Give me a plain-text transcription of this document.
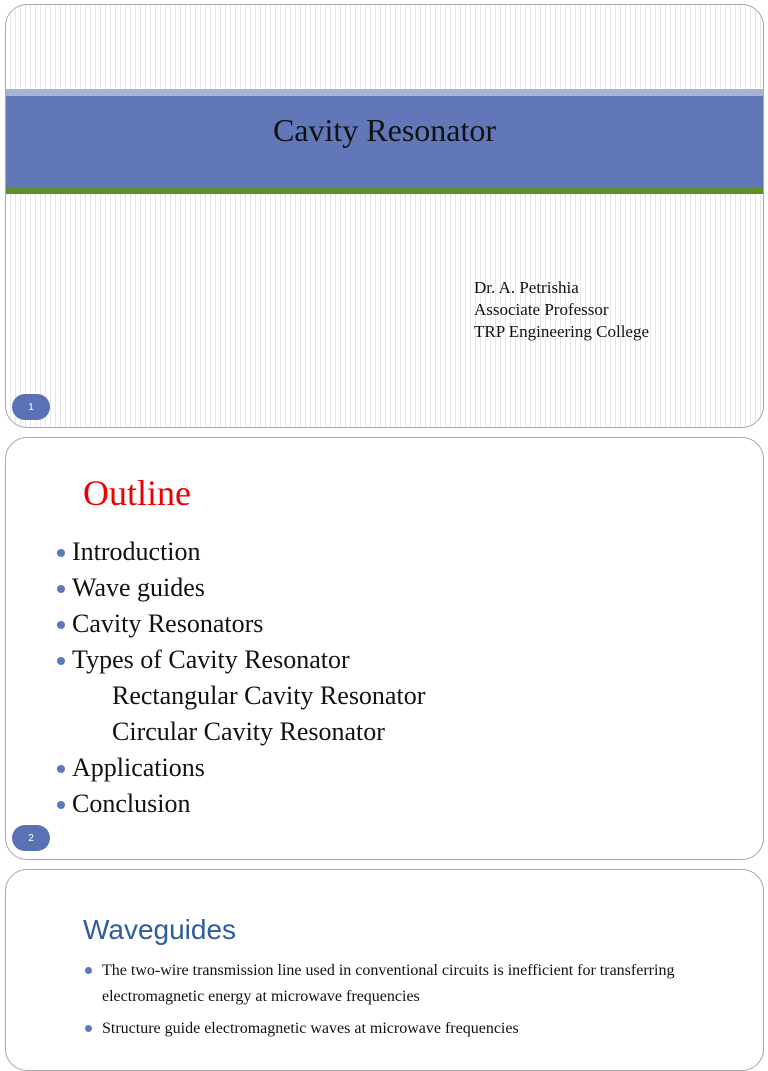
Cavity Resonator
Dr. A. Petrishia
Associate Professor
TRP Engineering College
1
Outline
Introduction
Wave guides
Cavity Resonators
Types of Cavity Resonator
Rectangular Cavity Resonator
Circular Cavity Resonator
Applications
Conclusion
2
Waveguides
The two-wire transmission line used in conventional circuits is inefficient for transferring electromagnetic energy at microwave frequencies
Structure guide electromagnetic waves at microwave frequencies
